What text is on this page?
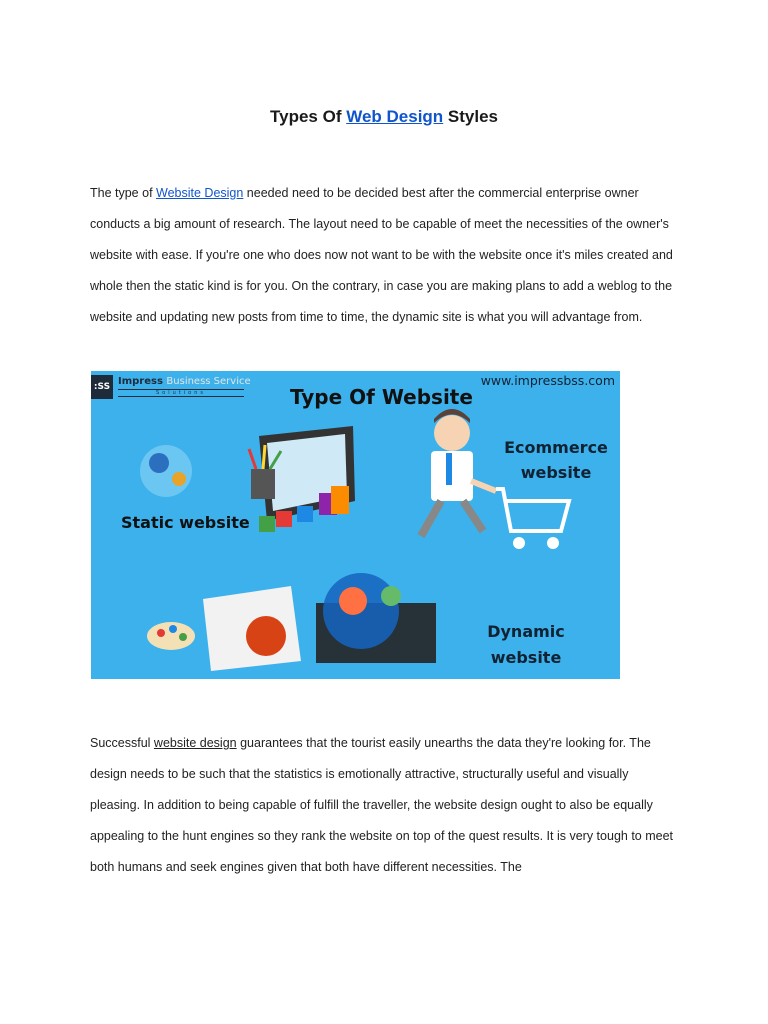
Types Of Web Design Styles
The type of Website Design needed need to be decided best after the commercial enterprise owner conducts a big amount of research. The layout need to be capable of meet the necessities of the owner's website with ease. If you're one who does now not want to be with the website once it's miles created and whole then the static kind is for you. On the contrary, in case you are making plans to add a weblog to the website and updating new posts from time to time, the dynamic site is what you will advantage from.
:SS Impress Business Service
Solutions
www.impressbss.com
Type Of Website
Static website
Ecommerce
website
Dynamic
website
Successful website design guarantees that the tourist easily unearths the data they're looking for. The design needs to be such that the statistics is emotionally attractive, structurally useful and visually pleasing. In addition to being capable of fulfill the traveller, the website design ought to also be equally appealing to the hunt engines so they rank the website on top of the quest results. It is very tough to meet both humans and seek engines given that both have different necessities. The
